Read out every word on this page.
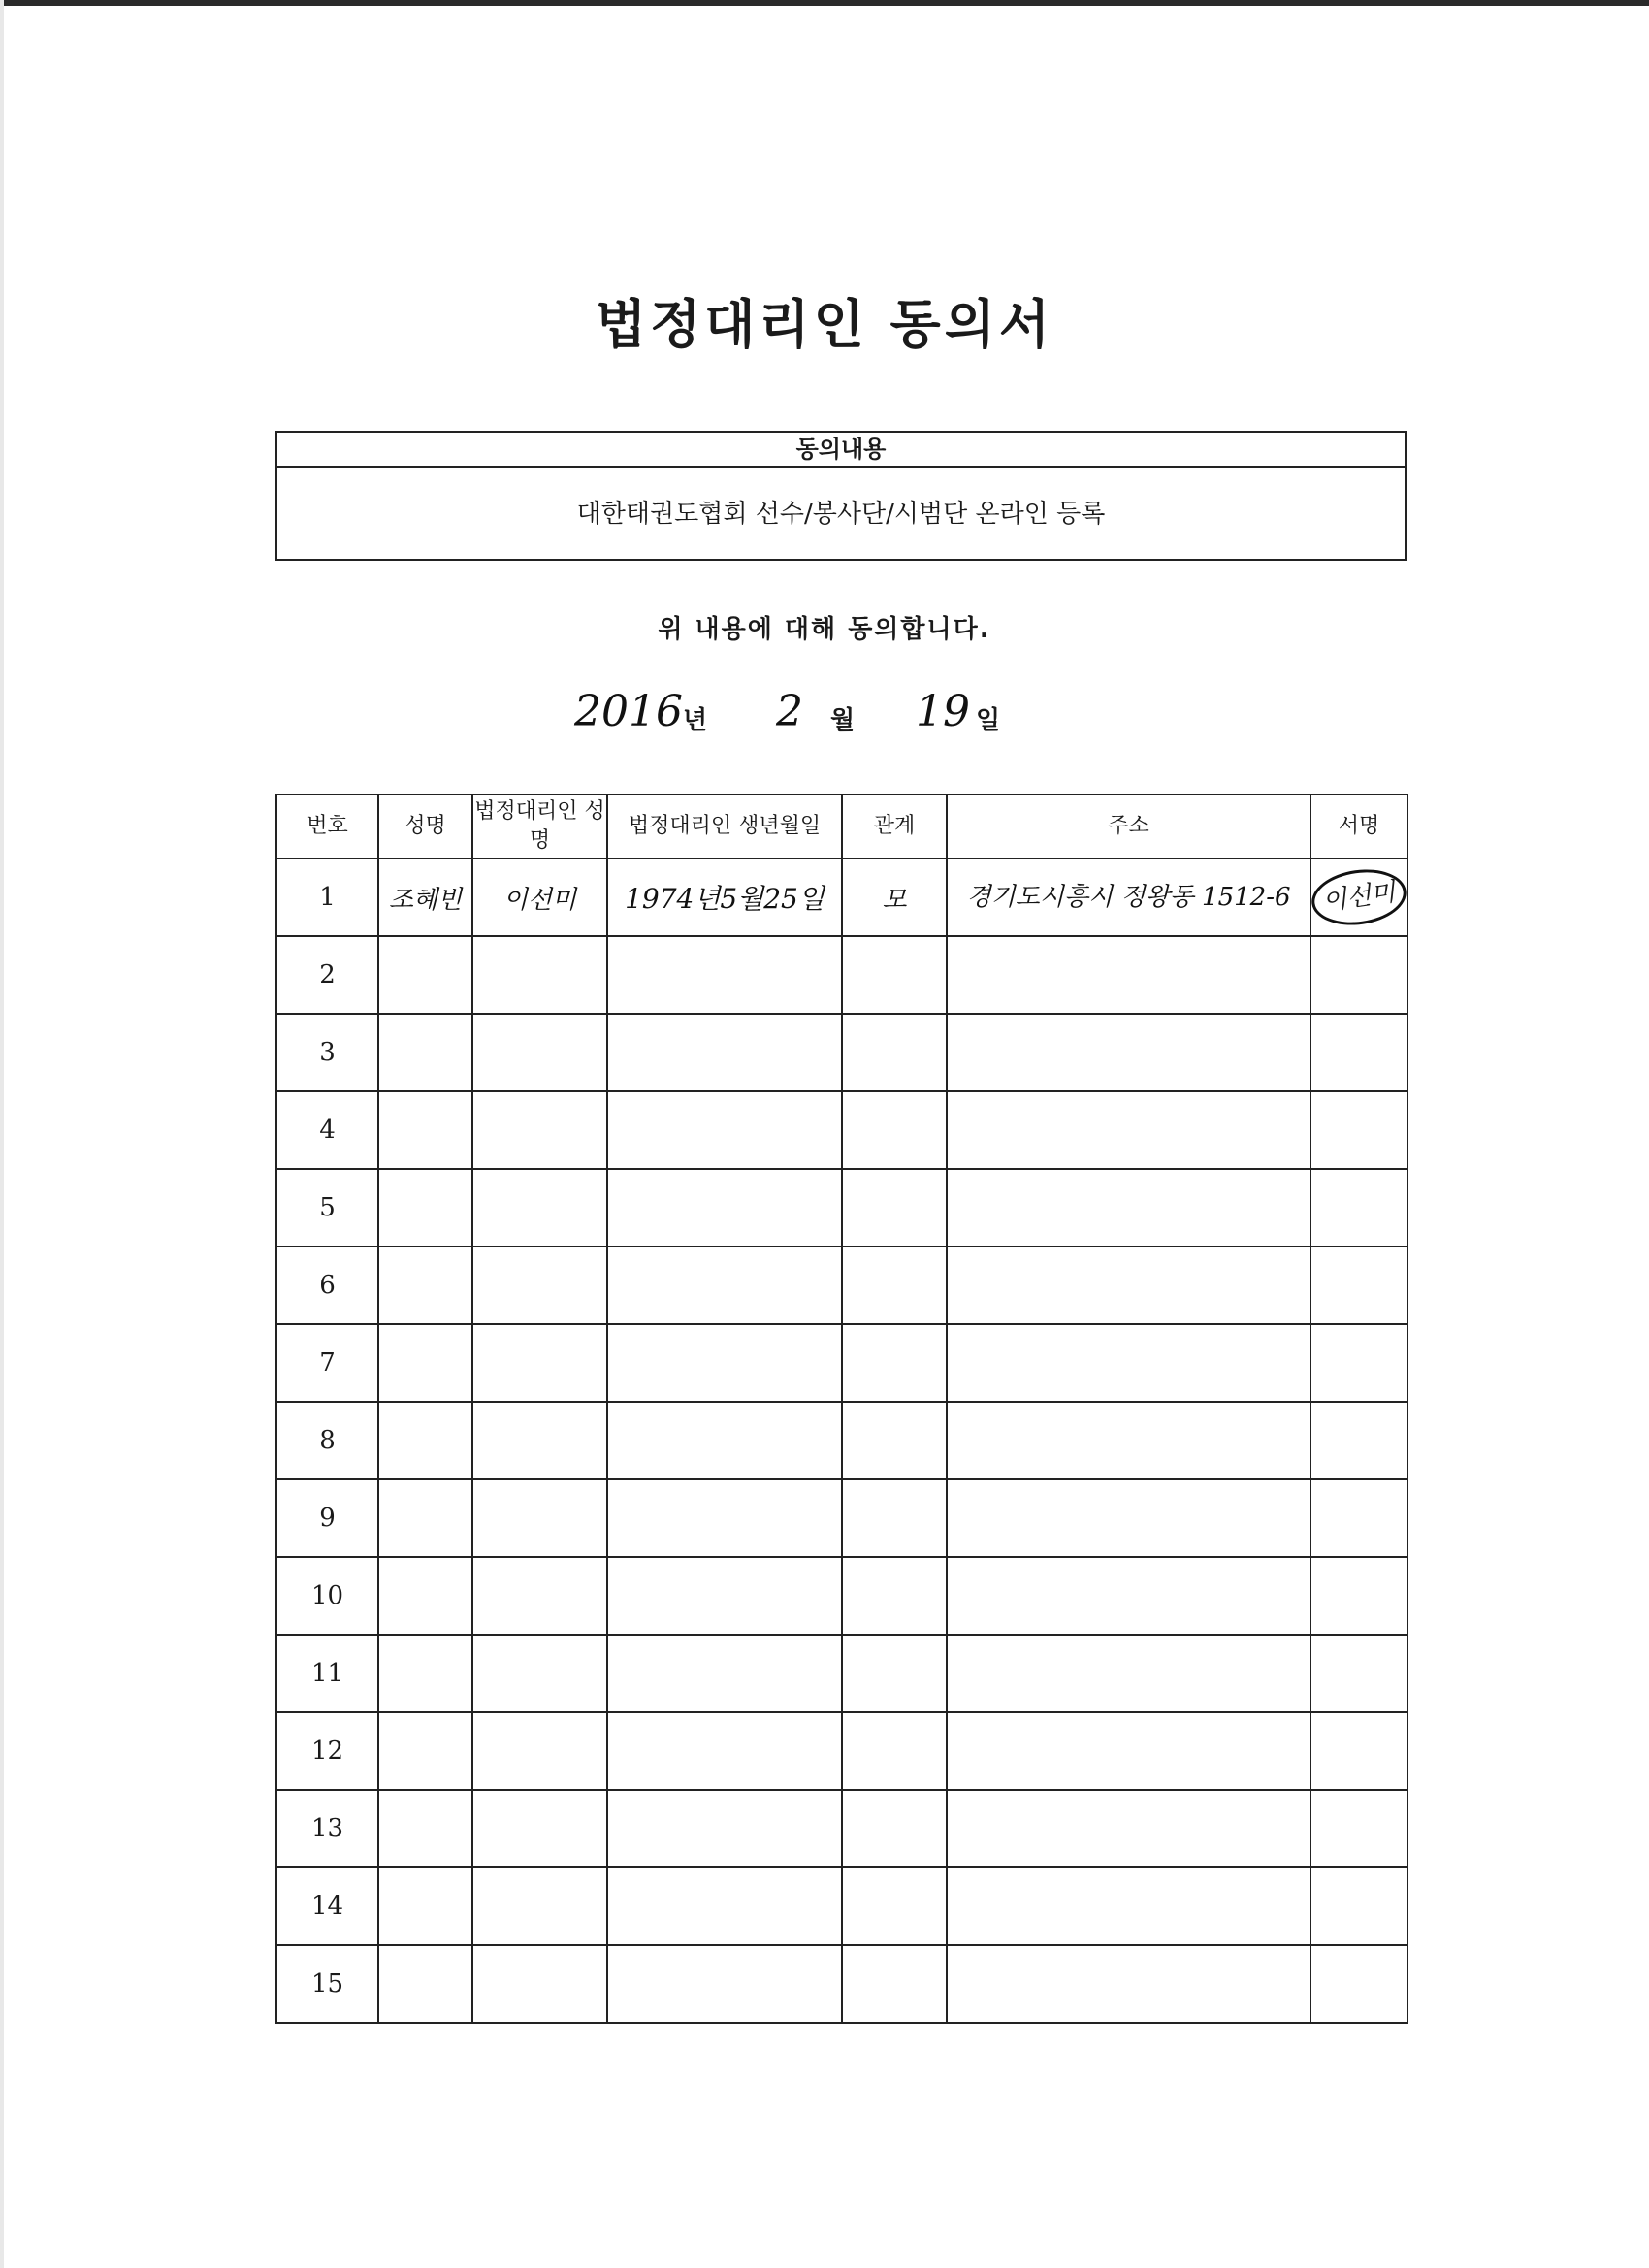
법정대리인 동의서
동의내용
대한태권도협회 선수/봉사단/시범단 온라인 등록
위 내용에 대해 동의합니다.
2016 년 2 월 19 일
번호	성명	법정대리인 성명	법정대리인 생년월일	관계	주소	서명
1	조혜빈	이선미	1974년5월25일	모	경기도시흥시 정왕동 1512-6	이선미
2						
3						
4						
5						
6						
7						
8						
9						
10						
11						
12						
13						
14						
15						
